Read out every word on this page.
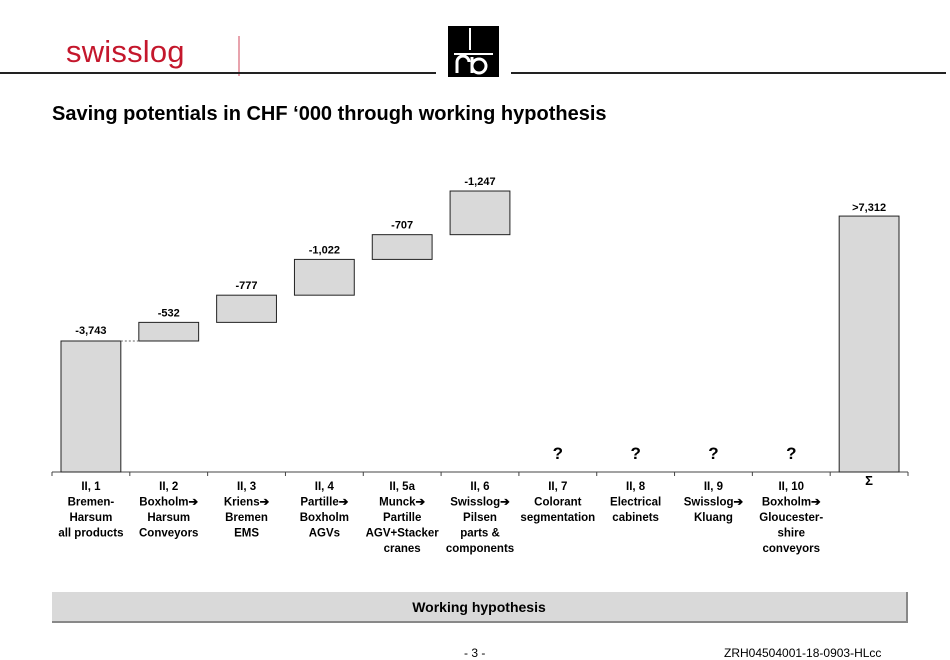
swisslog
Saving potentials in CHF ‘000 through working hypothesis
-3,743
II, 1
Bremen-
Harsum
all products
-532
II, 2
Boxholm➔
Harsum
Conveyors
-777
II, 3
Kriens➔
Bremen
EMS
-1,022
II, 4
Partille➔
Boxholm
AGVs
-707
II, 5a
Munck➔
Partille
AGV+Stacker
cranes
-1,247
II, 6
Swisslog➔
Pilsen
parts &
components
?
II, 7
Colorant
segmentation
?
II, 8
Electrical
cabinets
?
II, 9
Swisslog➔
Kluang
?
II, 10
Boxholm➔
Gloucester-
shire
conveyors
>7,312
Σ
Working hypothesis
- 3 -	ZRH04504001-18-0903-HLcc
